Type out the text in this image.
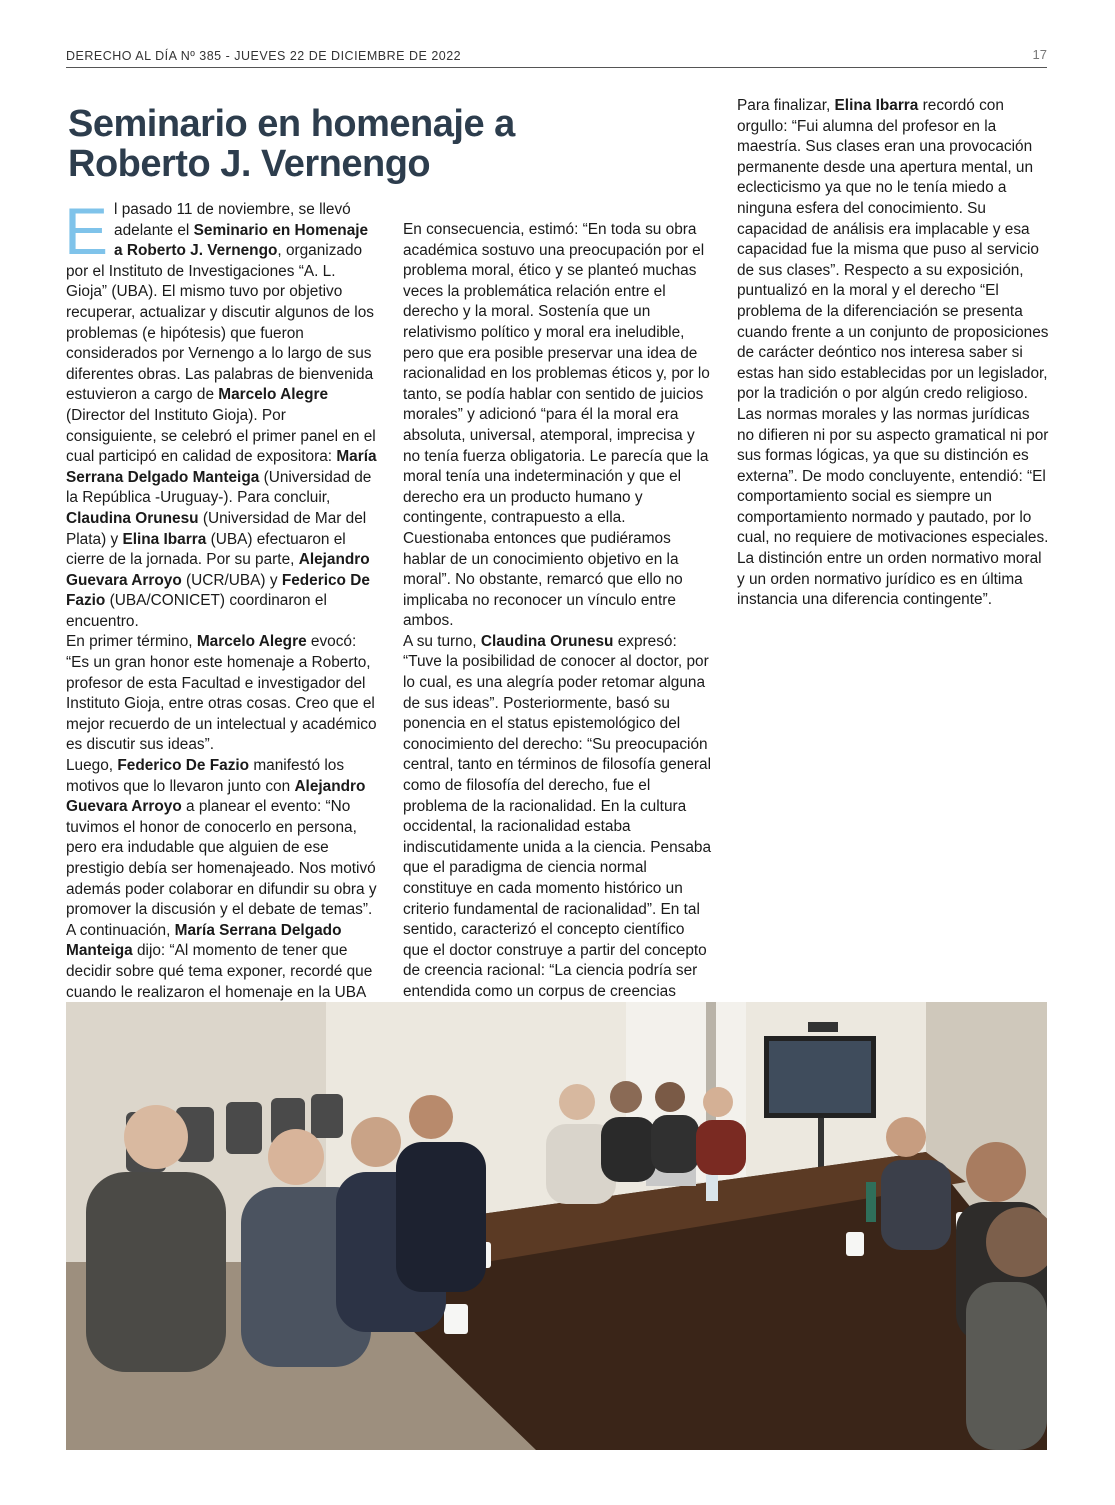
DERECHO AL DÍA Nº 385 - JUEVES 22 DE DICIEMBRE DE 2022	17
Seminario en homenaje a
Roberto J. Vernengo

El pasado 11 de noviembre, se llevó adelante el Seminario en Homenaje a Roberto J. Vernengo, organizado por el Instituto de Investigaciones “A. L. Gioja” (UBA). El mismo tuvo por objetivo recuperar, actualizar y discutir algunos de los problemas (e hipótesis) que fueron considerados por Vernengo a lo largo de sus diferentes obras. Las palabras de bienvenida estuvieron a cargo de Marcelo Alegre (Director del Instituto Gioja). Por consiguiente, se celebró el primer panel en el cual participó en calidad de expositora: María Serrana Delgado Manteiga (Universidad de la República -Uruguay-). Para concluir, Claudina Orunesu (Universidad de Mar del Plata) y Elina Ibarra (UBA) efectuaron el cierre de la jornada. Por su parte, Alejandro Guevara Arroyo (UCR/UBA) y Federico De Fazio (UBA/CONICET) coordinaron el encuentro.

En primer término, Marcelo Alegre evocó: “Es un gran honor este homenaje a Roberto, profesor de esta Facultad e investigador del Instituto Gioja, entre otras cosas. Creo que el mejor recuerdo de un intelectual y académico es discutir sus ideas”.

Luego, Federico De Fazio manifestó los motivos que lo llevaron junto con Alejandro Guevara Arroyo a planear el evento: “No tuvimos el honor de conocerlo en persona, pero era indudable que alguien de ese prestigio debía ser homenajeado. Nos motivó además poder colaborar en difundir su obra y promover la discusión y el debate de temas”.

A continuación, María Serrana Delgado Manteiga dijo: “Al momento de tener que decidir sobre qué tema exponer, recordé que cuando le realizaron el homenaje en la UBA

En consecuencia, estimó: “En toda su obra académica sostuvo una preocupación por el problema moral, ético y se planteó muchas veces la problemática relación entre el derecho y la moral. Sostenía que un relativismo político y moral era ineludible, pero que era posible preservar una idea de racionalidad en los problemas éticos y, por lo tanto, se podía hablar con sentido de juicios morales” y adicionó “para él la moral era absoluta, universal, atemporal, imprecisa y no tenía fuerza obligatoria. Le parecía que la moral tenía una indeterminación y que el derecho era un producto humano y contingente, contrapuesto a ella. Cuestionaba entonces que pudiéramos hablar de un conocimiento objetivo en la moral”. No obstante, remarcó que ello no implicaba no reconocer un vínculo entre ambos.

A su turno, Claudina Orunesu expresó: “Tuve la posibilidad de conocer al doctor, por lo cual, es una alegría poder retomar alguna de sus ideas”. Posteriormente, basó su ponencia en el status epistemológico del conocimiento del derecho: “Su preocupación central, tanto en términos de filosofía general como de filosofía del derecho, fue el problema de la racionalidad. En la cultura occidental, la racionalidad estaba indiscutidamente unida a la ciencia. Pensaba que el paradigma de ciencia normal constituye en cada momento histórico un criterio fundamental de racionalidad”. En tal sentido, caracterizó el concepto científico que el doctor construye a partir del concepto de creencia racional: “La ciencia podría ser entendida como un corpus de creencias

Para finalizar, Elina Ibarra recordó con orgullo: “Fui alumna del profesor en la maestría. Sus clases eran una provocación permanente desde una apertura mental, un eclecticismo ya que no le tenía miedo a ninguna esfera del conocimiento. Su capacidad de análisis era implacable y esa capacidad fue la misma que puso al servicio de sus clases”. Respecto a su exposición, puntualizó en la moral y el derecho “El problema de la diferenciación se presenta cuando frente a un conjunto de proposiciones de carácter deóntico nos interesa saber si estas han sido establecidas por un legislador, por la tradición o por algún credo religioso. Las normas morales y las normas jurídicas no difieren ni por su aspecto gramatical ni por sus formas lógicas, ya que su distinción es externa”. De modo concluyente, entendió: “El comportamiento social es siempre un comportamiento normado y pautado, por lo cual, no requiere de motivaciones especiales. La distinción entre un orden normativo moral y un orden normativo jurídico es en última instancia una diferencia contingente”.
